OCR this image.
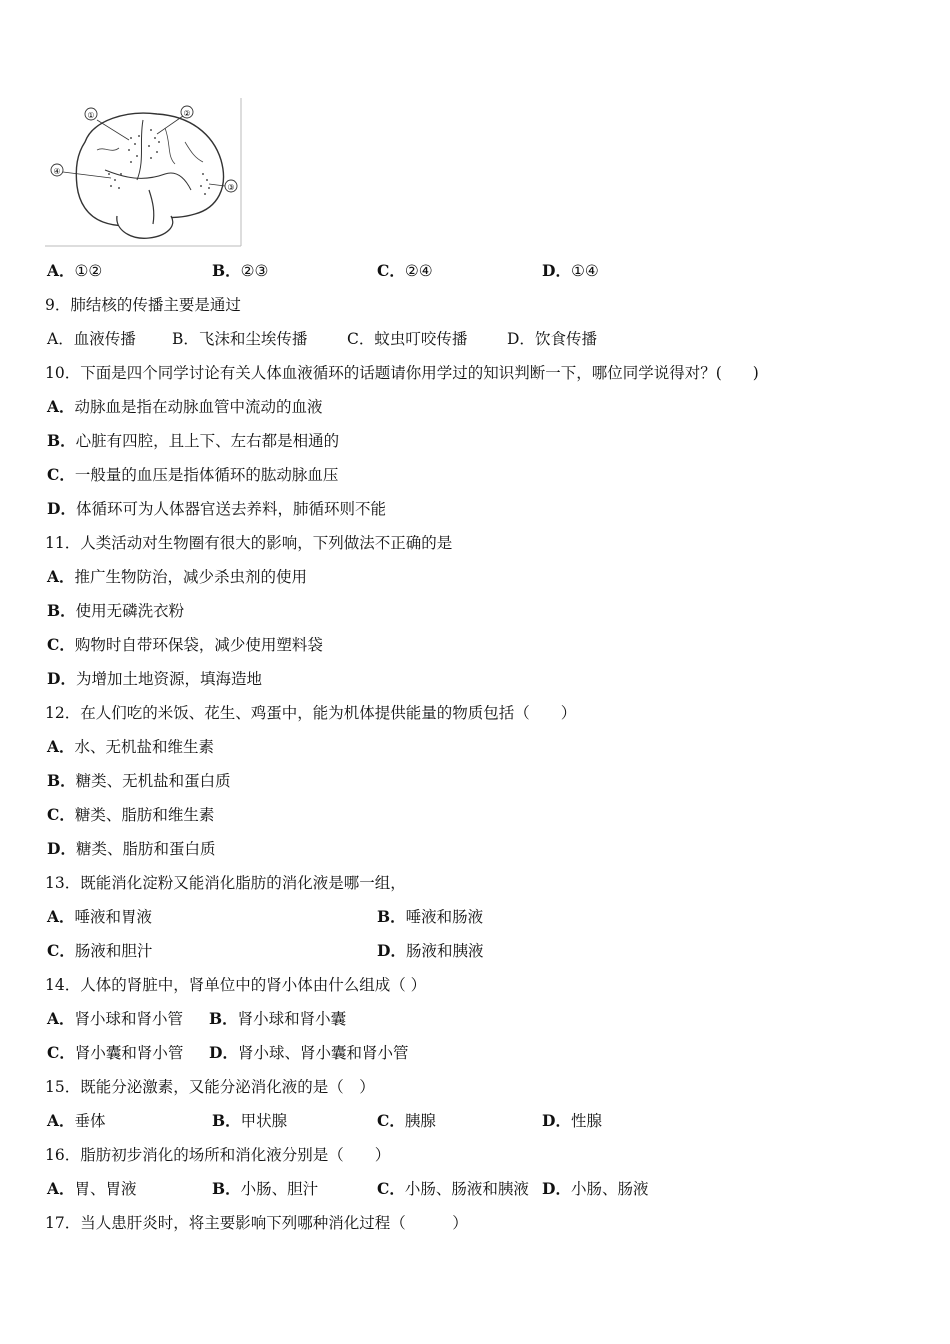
①	②
③
④
A．①②	B．②③	C．②④	D．①④
9．肺结核的传播主要是通过
A．血液传播 B．飞沫和尘埃传播	C．蚊虫叮咬传播	D．饮食传播
10．下面是四个同学讨论有关人体血液循环的话题请你用学过的知识判断一下，哪位同学说得对？(　　)
A．动脉血是指在动脉血管中流动的血液
B．心脏有四腔，且上下、左右都是相通的
C．一般量的血压是指体循环的肱动脉血压
D．体循环可为人体器官送去养料，肺循环则不能
11．人类活动对生物圈有很大的影响，下列做法不正确的是
A．推广生物防治，减少杀虫剂的使用
B．使用无磷洗衣粉
C．购物时自带环保袋，减少使用塑料袋
D．为增加土地资源，填海造地
12．在人们吃的米饭、花生、鸡蛋中，能为机体提供能量的物质包括（　　）
A．水、无机盐和维生素
B．糖类、无机盐和蛋白质
C．糖类、脂肪和维生素
D．糖类、脂肪和蛋白质
13．既能消化淀粉又能消化脂肪的消化液是哪一组，
A．唾液和胃液	B．唾液和肠液
C．肠液和胆汁	D．肠液和胰液
14．人体的肾脏中，肾单位中的肾小体由什么组成（ ）
A．肾小球和肾小管 B．肾小球和肾小囊
C．肾小囊和肾小管 D．肾小球、肾小囊和肾小管
15．既能分泌激素，又能分泌消化液的是（　）
A．垂体	B．甲状腺	C．胰腺	D．性腺
16．脂肪初步消化的场所和消化液分别是（　　）
A．胃、胃液	B．小肠、胆汁	C．小肠、肠液和胰液 D．小肠、肠液
17．当人患肝炎时，将主要影响下列哪种消化过程（　　　）
